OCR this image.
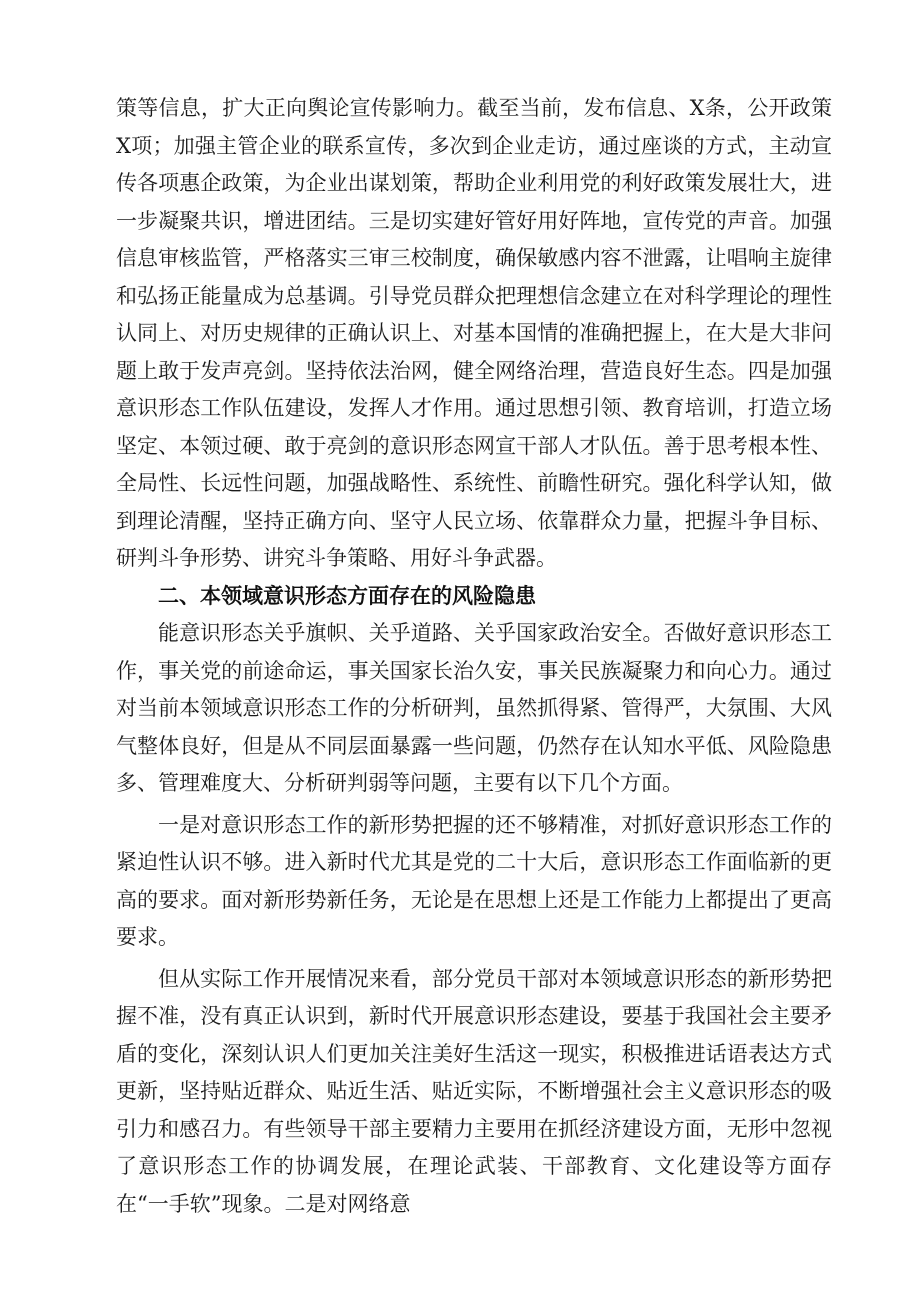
策等信息，扩大正向舆论宣传影响力。截至当前，发布信息、X条，公开政策X项；加强主管企业的联系宣传，多次到企业走访，通过座谈的方式，主动宣传各项惠企政策，为企业出谋划策，帮助企业利用党的利好政策发展壮大，进一步凝聚共识，增进团结。三是切实建好管好用好阵地，宣传党的声音。加强信息审核监管，严格落实三审三校制度，确保敏感内容不泄露，让唱响主旋律和弘扬正能量成为总基调。引导党员群众把理想信念建立在对科学理论的理性认同上、对历史规律的正确认识上、对基本国情的准确把握上，在大是大非问题上敢于发声亮剑。坚持依法治网，健全网络治理，营造良好生态。四是加强意识形态工作队伍建设，发挥人才作用。通过思想引领、教育培训，打造立场坚定、本领过硬、敢于亮剑的意识形态网宣干部人才队伍。善于思考根本性、全局性、长远性问题，加强战略性、系统性、前瞻性研究。强化科学认知，做到理论清醒，坚持正确方向、坚守人民立场、依靠群众力量，把握斗争目标、研判斗争形势、讲究斗争策略、用好斗争武器。

二、本领域意识形态方面存在的风险隐患

能意识形态关乎旗帜、关乎道路、关乎国家政治安全。否做好意识形态工作，事关党的前途命运，事关国家长治久安，事关民族凝聚力和向心力。通过对当前本领域意识形态工作的分析研判，虽然抓得紧、管得严，大氛围、大风气整体良好，但是从不同层面暴露一些问题，仍然存在认知水平低、风险隐患多、管理难度大、分析研判弱等问题，主要有以下几个方面。

一是对意识形态工作的新形势把握的还不够精准，对抓好意识形态工作的紧迫性认识不够。进入新时代尤其是党的二十大后，意识形态工作面临新的更高的要求。面对新形势新任务，无论是在思想上还是工作能力上都提出了更高要求。

但从实际工作开展情况来看，部分党员干部对本领域意识形态的新形势把握不准，没有真正认识到，新时代开展意识形态建设，要基于我国社会主要矛盾的变化，深刻认识人们更加关注美好生活这一现实，积极推进话语表达方式更新，坚持贴近群众、贴近生活、贴近实际，不断增强社会主义意识形态的吸引力和感召力。有些领导干部主要精力主要用在抓经济建设方面，无形中忽视了意识形态工作的协调发展，在理论武装、干部教育、文化建设等方面存在“一手软”现象。二是对网络意
